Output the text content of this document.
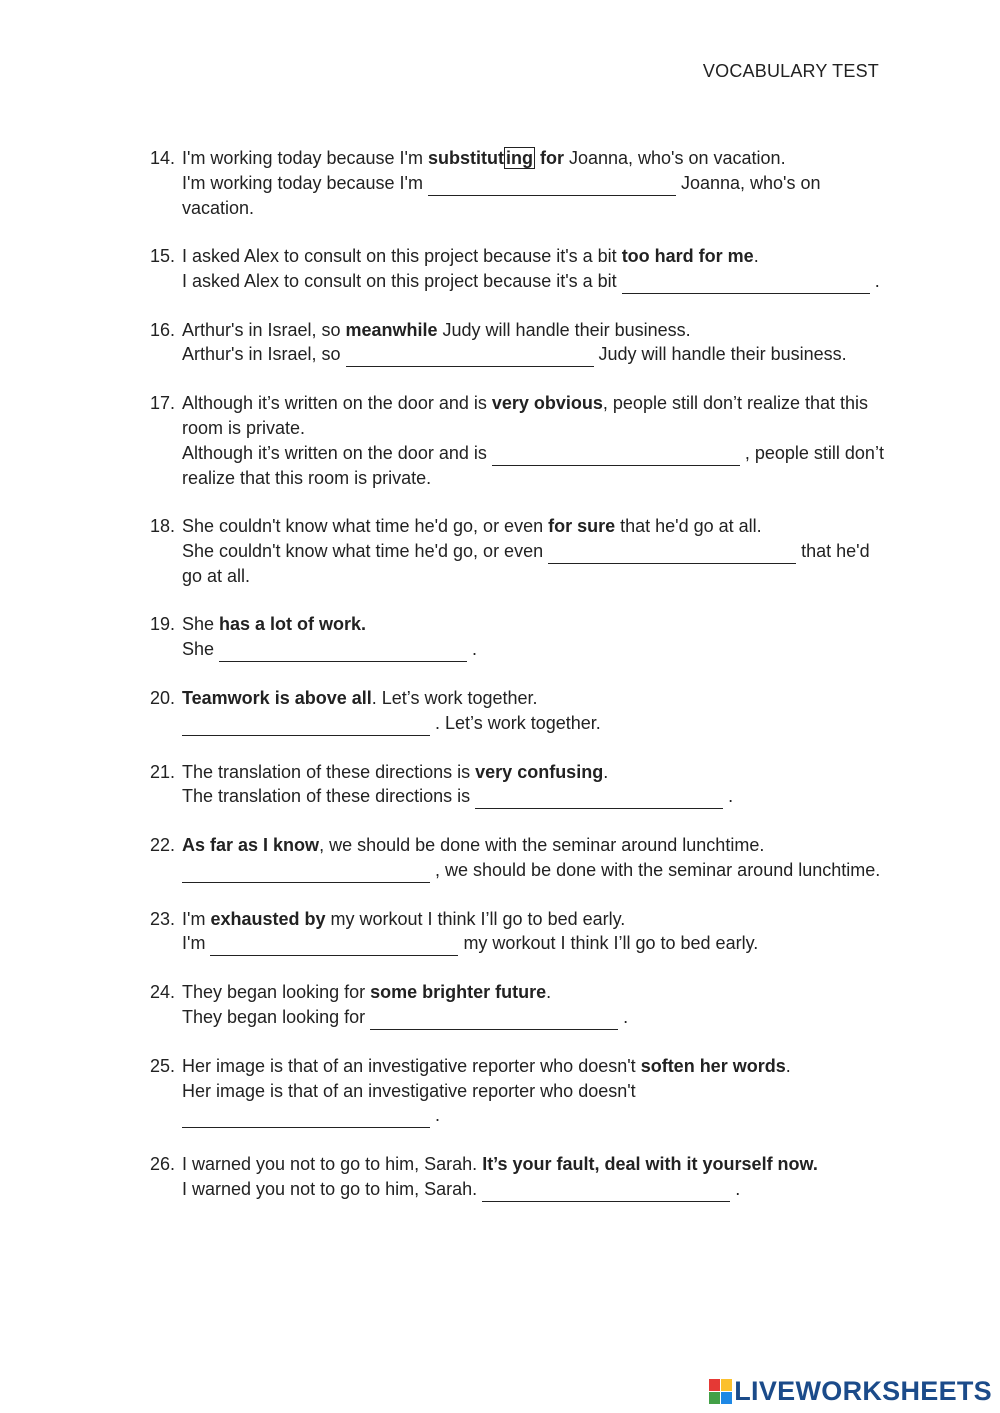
VOCABULARY TEST
14. I'm working today because I'm substitut ing for Joanna, who's on vacation.
I'm working today because I'm	Joanna, who's on vacation.
15. I asked Alex to consult on this project because it's a bit too hard for me.
I asked Alex to consult on this project because it's a bit	.
16. Arthur's in Israel, so meanwhile Judy will handle their business.
Arthur's in Israel, so	Judy will handle their business.
17. Although it’s written on the door and is very obvious, people still don’t realize that this room is private.
Although it’s written on the door and is	, people still don’t realize that this room is private.
18. She couldn't know what time he'd go, or even for sure that he'd go at all.
She couldn't know what time he'd go, or even	that he'd go at all.
19. She has a lot of work.
She	.
20. Teamwork is above all. Let’s work together.
. Let’s work together.
21. The translation of these directions is very confusing.
The translation of these directions is	.
22. As far as I know, we should be done with the seminar around lunchtime.
, we should be done with the seminar around lunchtime.
23. I'm exhausted by my workout I think I’ll go to bed early.
I'm	my workout I think I’ll go to bed early.
24. They began looking for some brighter future.
They began looking for	.
25. Her image is that of an investigative reporter who doesn't soften her words.
Her image is that of an investigative reporter who doesn't  .
26. I warned you not to go to him, Sarah. It’s your fault, deal with it yourself now.
I warned you not to go to him, Sarah.	.
LIVEWORKSHEETS
